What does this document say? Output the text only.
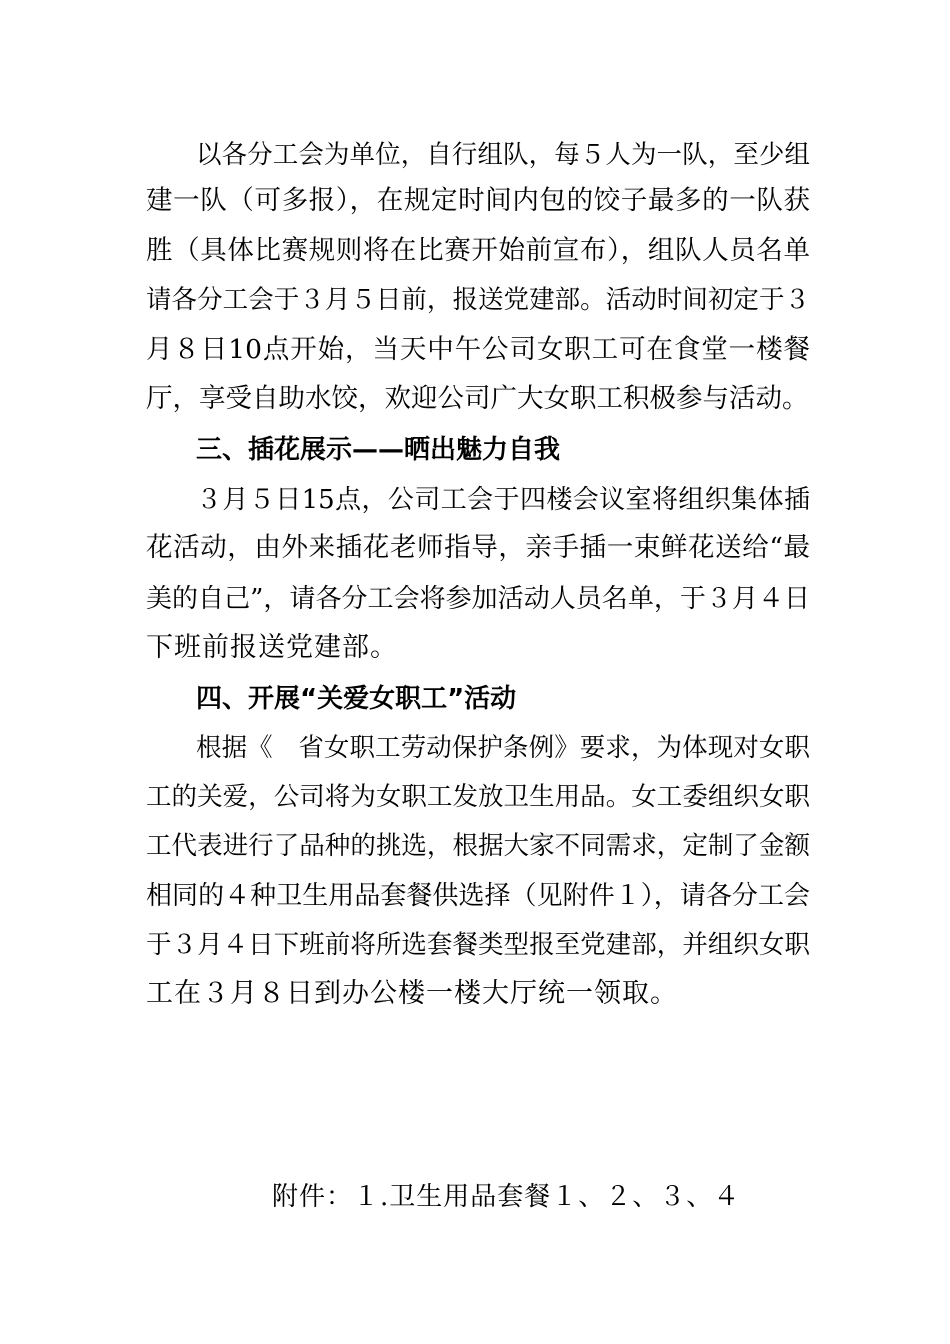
以各分工会为单位，自行组队，每５人为一队，至少组
建一队（可多报），在规定时间内包的饺子最多的一队获
胜（具体比赛规则将在比赛开始前宣布），组队人员名单
请各分工会于３月５日前，报送党建部。活动时间初定于３
月８日10点开始，当天中午公司女职工可在食堂一楼餐
厅，享受自助水饺，欢迎公司广大女职工积极参与活动。
三、插花展示——晒出魅力自我
３月５日15点，公司工会于四楼会议室将组织集体插
花活动，由外来插花老师指导，亲手插一束鲜花送给“最
美的自己”，请各分工会将参加活动人员名单，于３月４日
下班前报送党建部。
四、开展“关爱女职工”活动
根据《　省女职工劳动保护条例》要求，为体现对女职
工的关爱，公司将为女职工发放卫生用品。女工委组织女职
工代表进行了品种的挑选，根据大家不同需求，定制了金额
相同的４种卫生用品套餐供选择（见附件１），请各分工会
于３月４日下班前将所选套餐类型报至党建部，并组织女职
工在３月８日到办公楼一楼大厅统一领取。
附件：１.卫生用品套餐１、２、３、４
